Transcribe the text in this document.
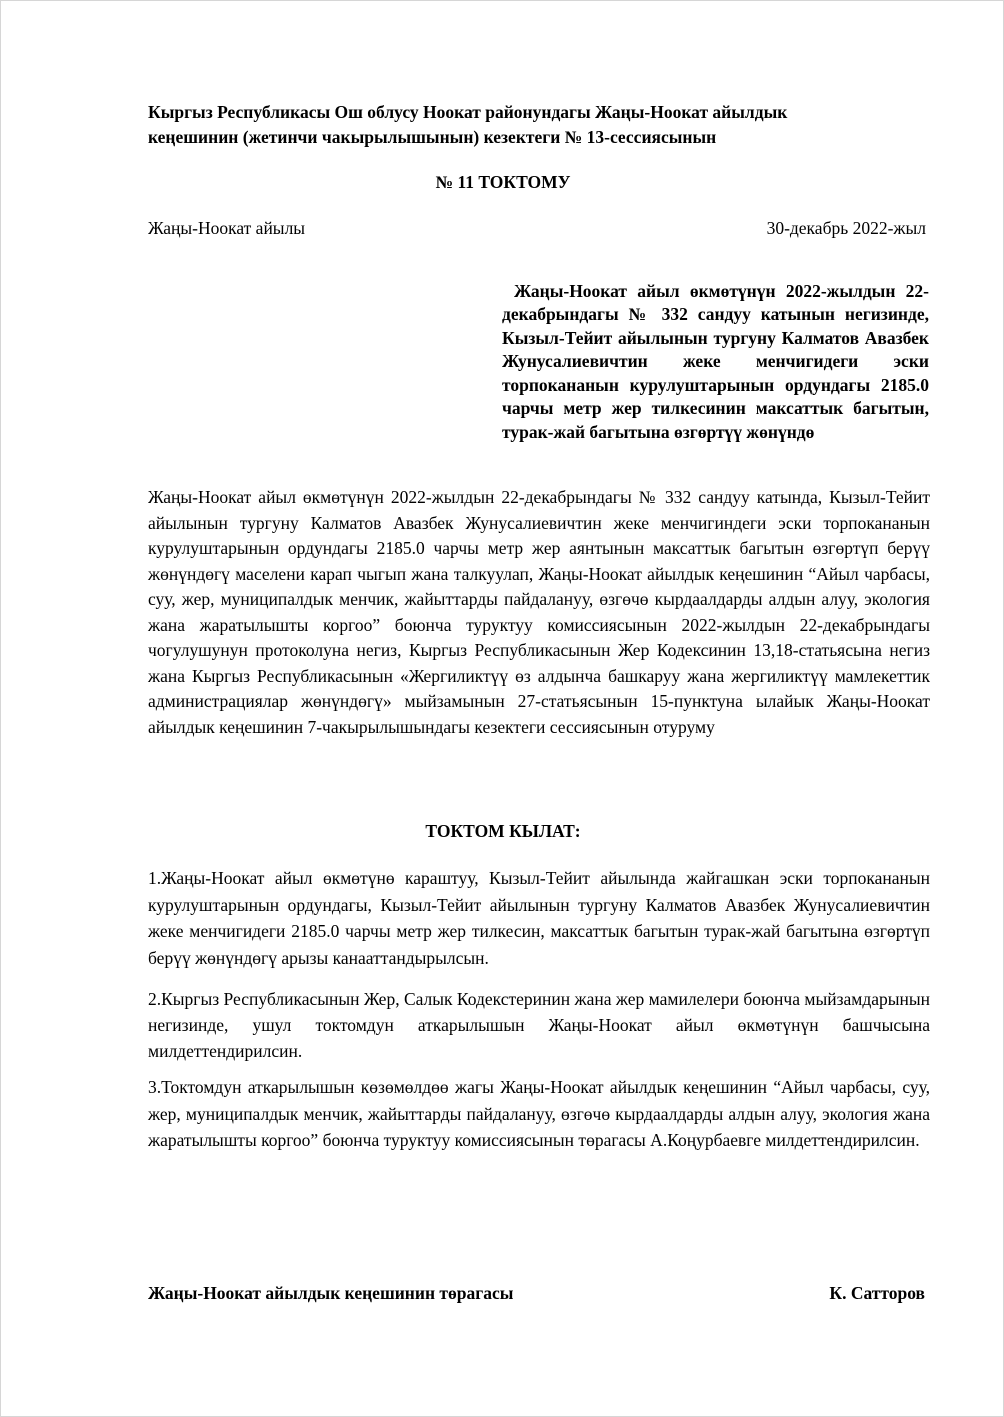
Кыргыз Республикасы Ош облусу Ноокат районундагы Жаңы-Ноокат айылдык
кеңешинин (жетинчи чакырылышынын) кезектеги № 13-сессиясынын

№ 11 ТОКТОМУ
Жаңы-Ноокат айылы	30-декабрь 2022-жыл

Жаңы-Ноокат айыл өкмөтүнүн 2022-жылдын 22-декабрындагы № 332 сандуу катынын негизинде, Кызыл-Тейит айылынын тургуну Калматов Авазбек Жунусалиевичтин жеке менчигидеги эски торпокананын курулуштарынын ордундагы 2185.0 чарчы метр жер тилкесинин максаттык багытын, турак-жай багытына өзгөртүү жөнүндө

Жаңы-Ноокат айыл өкмөтүнүн 2022-жылдын 22-декабрындагы № 332 сандуу катында, Кызыл-Тейит айылынын тургуну Калматов Авазбек Жунусалиевичтин жеке менчигиндеги эски торпокананын курулуштарынын ордундагы 2185.0 чарчы метр жер аянтынын максаттык багытын өзгөртүп берүү жөнүндөгү маселени карап чыгып жана талкуулап, Жаңы-Ноокат айылдык кеңешинин “Айыл чарбасы, суу, жер, муниципалдык менчик, жайыттарды пайдалануу, өзгөчө кырдаалдарды алдын алуу, экология жана жаратылышты коргоо” боюнча туруктуу комиссиясынын 2022-жылдын 22-декабрындагы чогулушунун протоколуна негиз, Кыргыз Республикасынын Жер Кодексинин 13,18-статьясына негиз жана Кыргыз Республикасынын «Жергиликтүү өз алдынча башкаруу жана жергиликтүү мамлекеттик администрациялар жөнүндөгү» мыйзамынын 27-статьясынын 15-пунктуна ылайык Жаңы-Ноокат айылдык кеңешинин 7-чакырылышындагы кезектеги сессиясынын отуруму

ТОКТОМ КЫЛАТ:

1.Жаңы-Ноокат айыл өкмөтүнө караштуу, Кызыл-Тейит айылында жайгашкан эски торпокананын курулуштарынын ордундагы, Кызыл-Тейит айылынын тургуну Калматов Авазбек Жунусалиевичтин жеке менчигидеги 2185.0 чарчы метр жер тилкесин, максаттык багытын турак-жай багытына өзгөртүп берүү жөнүндөгү арызы канааттандырылсын.

2.Кыргыз Республикасынын Жер, Салык Кодекстеринин жана жер мамилелери боюнча мыйзамдарынын негизинде, ушул токтомдун аткарылышын Жаңы-Ноокат айыл өкмөтүнүн башчысына милдеттендирилсин.

3.Токтомдун аткарылышын көзөмөлдөө жагы Жаңы-Ноокат айылдык кеңешинин “Айыл чарбасы, суу, жер, муниципалдык менчик, жайыттарды пайдалануу, өзгөчө кырдаалдарды алдын алуу, экология жана жаратылышты коргоо” боюнча туруктуу комиссиясынын төрагасы А.Коңурбаевге милдеттендирилсин.

Жаңы-Ноокат айылдык кеңешинин төрагасы	К. Сатторов
